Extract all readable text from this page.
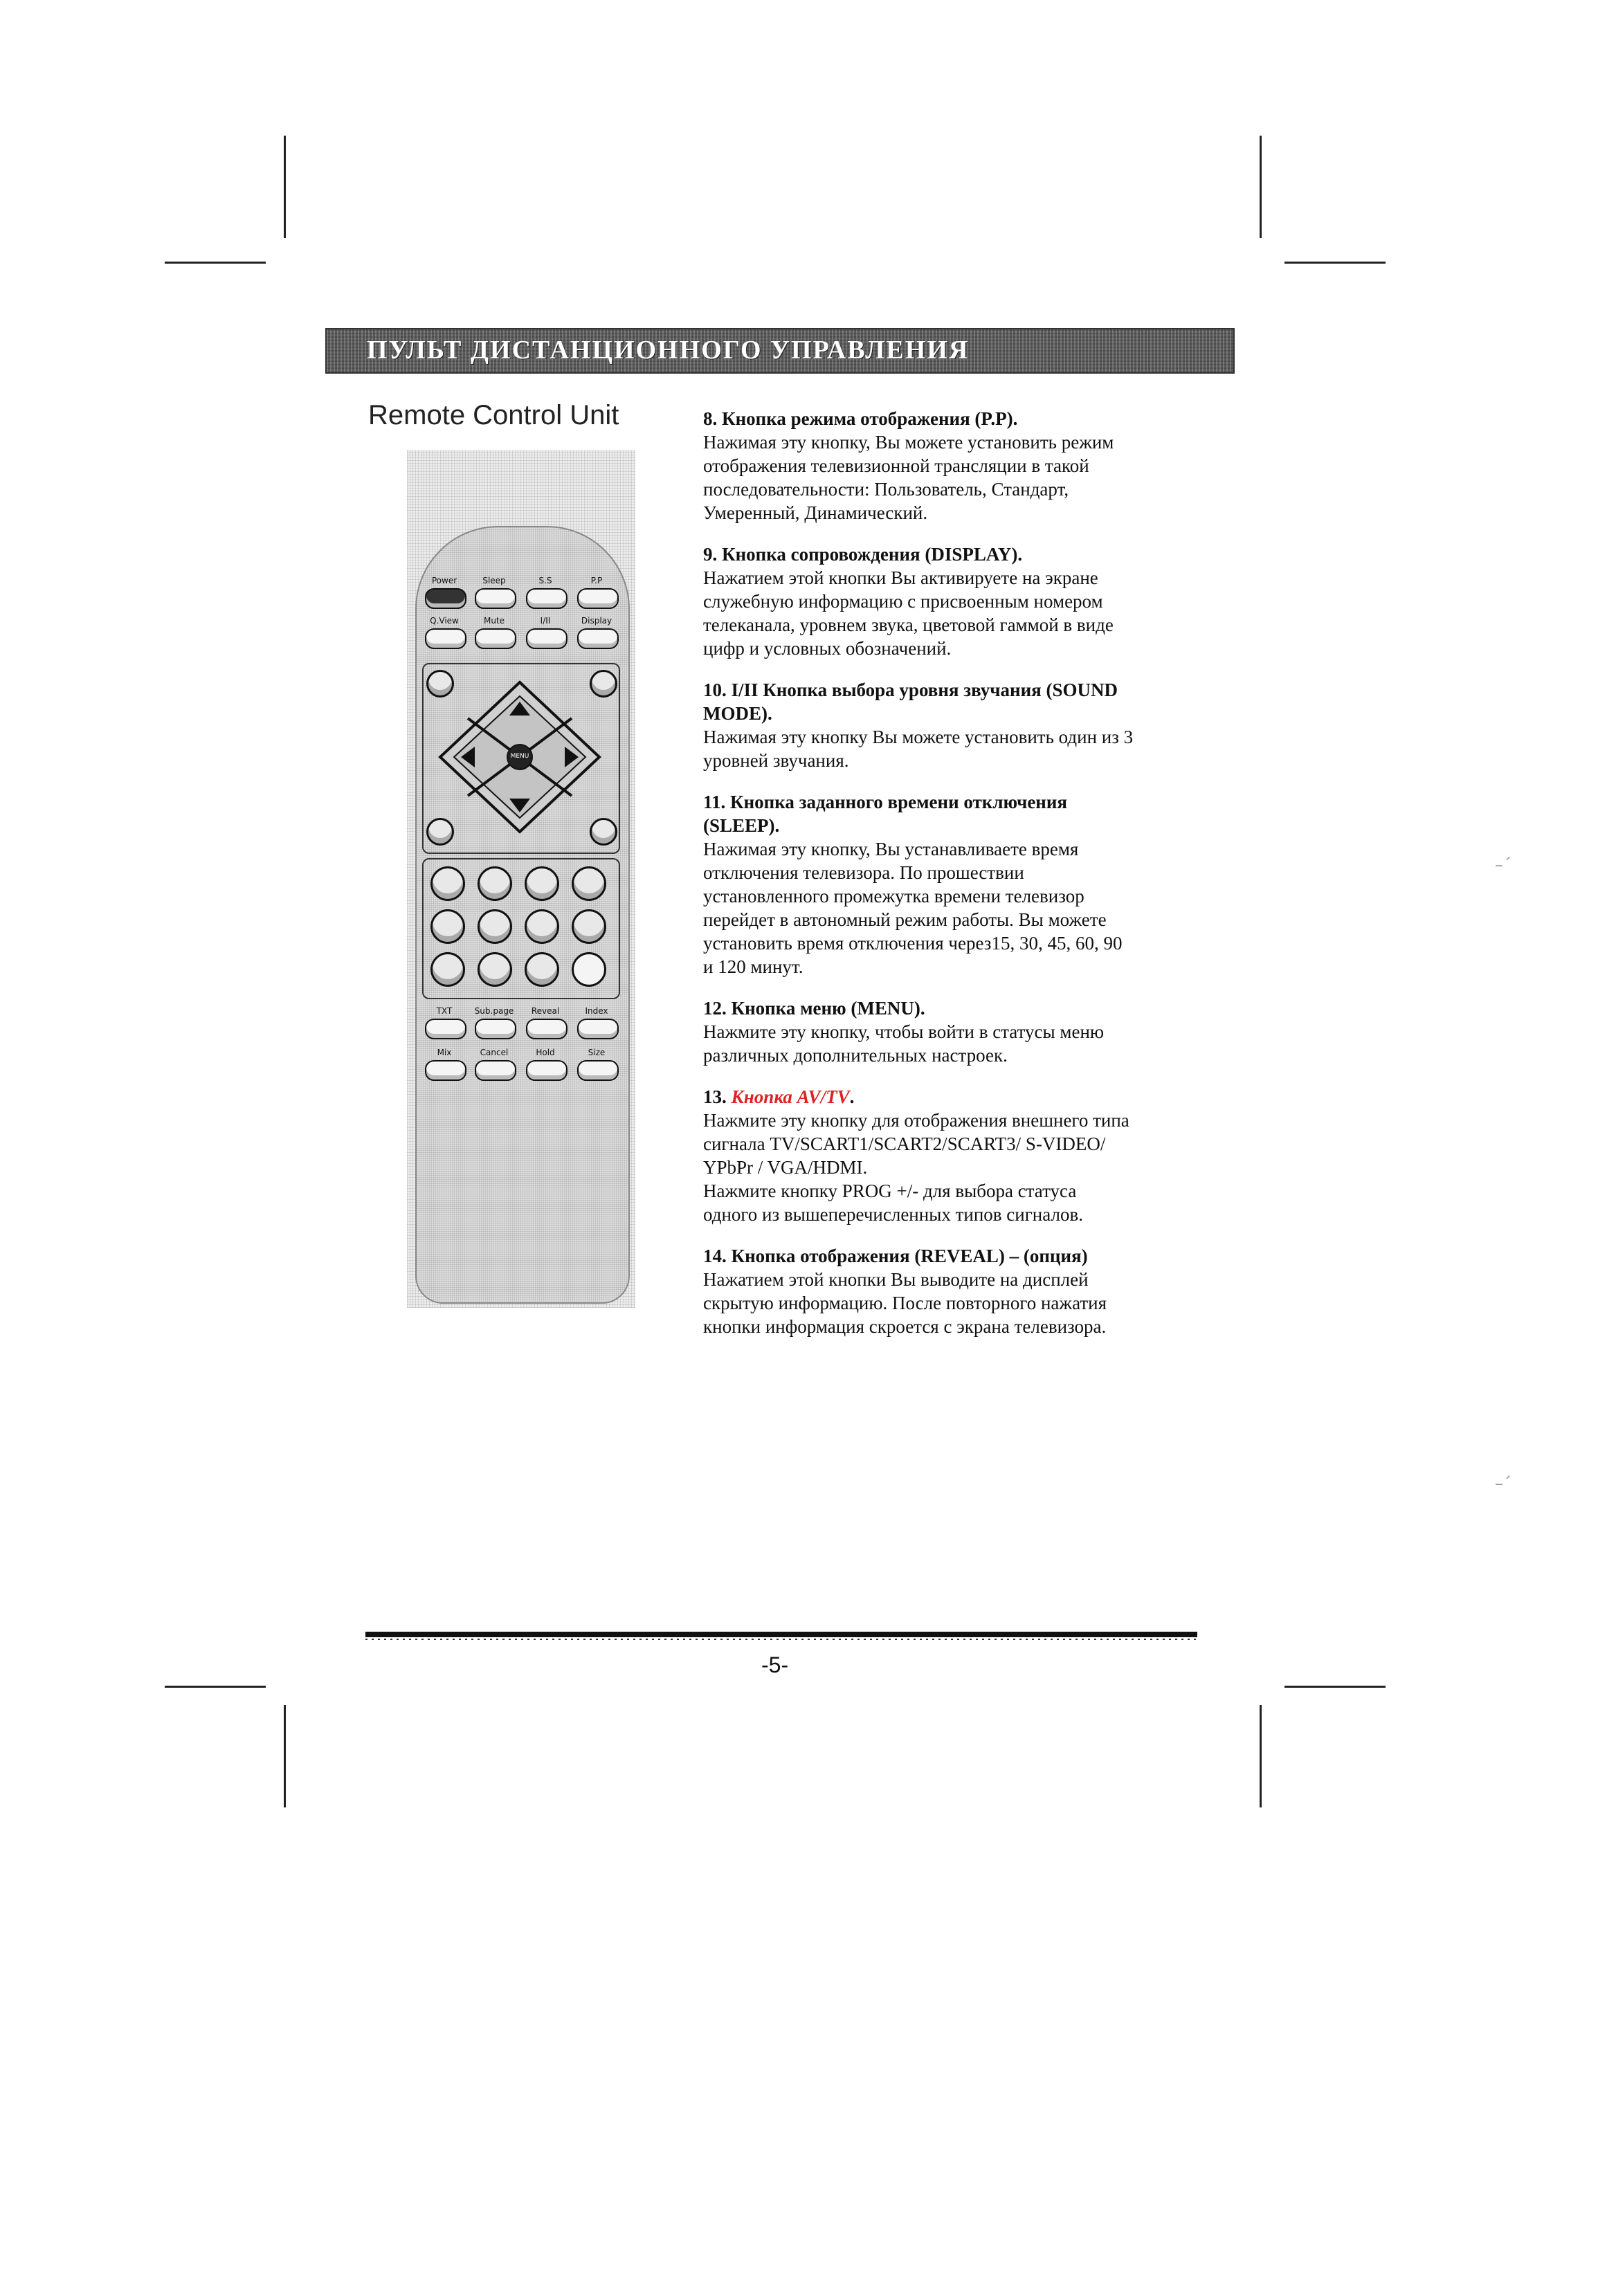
–´
–´
ПУЛЬТ ДИСТАНЦИОННОГО УПРАВЛЕНИЯ
Remote Control Unit
Power	Sleep	S.S	P.P
Q.View	Mute	I/II	Display
MENU
TXT	Sub.page Reveal	Index
Mix	Cancel	Hold	Size

8. Кнопка режима отображения (P.P).

Нажимая эту кнопку, Вы можете установить режим
отображения телевизионной трансляции в такой
последовательности: Пользователь, Стандарт,
Умеренный, Динамический.

9. Кнопка сопровождения (DISPLAY).

Нажатием этой кнопки Вы активируете на экране
служебную информацию с присвоенным номером
телеканала, уровнем звука, цветовой гаммой в виде
цифр и условных обозначений.

10. I/II Кнопка выбора уровня звучания (SOUND
MODE).

Нажимая эту кнопку Вы можете установить один из 3
уровней звучания.

11. Кнопка заданного времени отключения
(SLEEP).

Нажимая эту кнопку, Вы устанавливаете время
отключения телевизора. По прошествии
установленного промежутка времени телевизор
перейдет в автономный режим работы. Вы можете
установить время отключения через15, 30, 45, 60, 90
и 120 минут.

12. Кнопка меню (MENU).

Нажмите эту кнопку, чтобы войти в статусы меню
различных дополнительных настроек.

13. Кнопка AV/TV.

Нажмите эту кнопку для отображения внешнего типа
сигнала TV/SCART1/SCART2/SCART3/ S-VIDEO/
YPbPr / VGA/HDMI.
Нажмите кнопку PROG +/- для выбора статуса
одного из вышеперечисленных типов сигналов.

14. Кнопка отображения (REVEAL) – (опция)

Нажатием этой кнопки Вы выводите на дисплей
скрытую информацию. После повторного нажатия
кнопки информация скроется с экрана телевизора.

-5-
